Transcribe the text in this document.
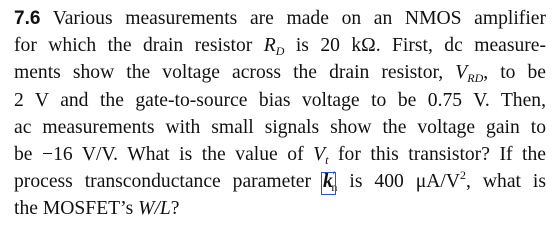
7.6 Various measurements are made on an NMOS amplifier
for which the drain resistor $R_D$ is 20 kΩ. First, dc measure-
ments show the voltage across the drain resistor, $V_{RD}$, to be
2 V and the gate-to-source bias voltage to be 0.75 V. Then,
ac measurements with small signals show the voltage gain to
be −16 V/V. What is the value of $V_t$ for this transistor? If the
process transconductance parameter $k'_n$ is 400 $\mu A/V^2$, what is
the MOSFET’s W/L?
